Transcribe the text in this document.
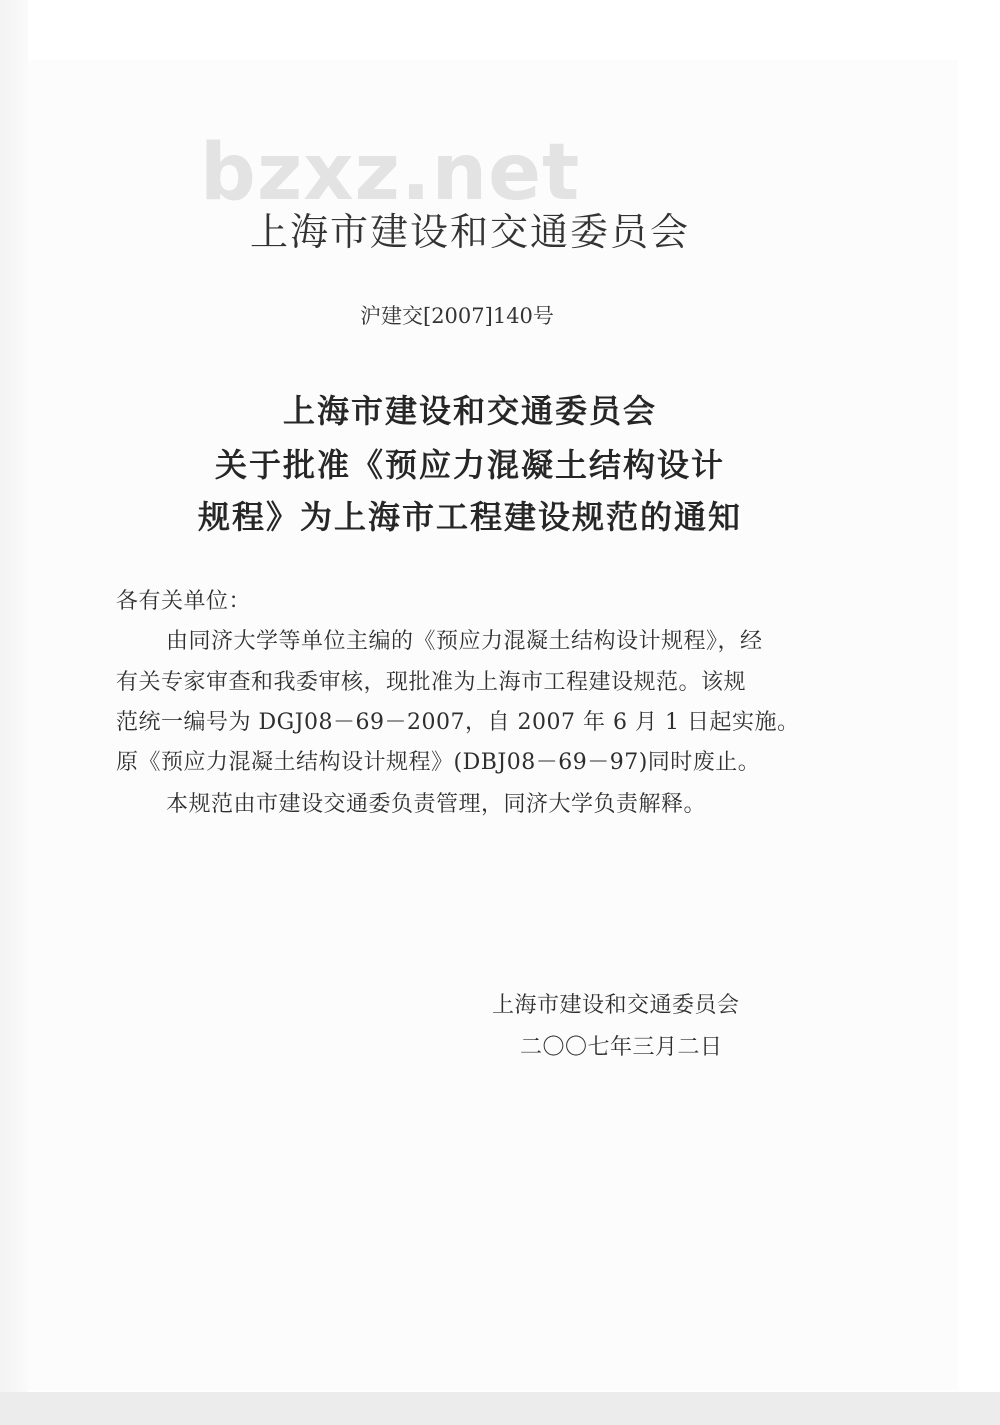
bzxz.net
上海市建设和交通委员会
沪建交[2007]140号
上海市建设和交通委员会
关于批准《预应力混凝土结构设计
规程》为上海市工程建设规范的通知
各有关单位：
由同济大学等单位主编的《预应力混凝土结构设计规程》，经
有关专家审查和我委审核，现批准为上海市工程建设规范。该规
范统一编号为 DGJ08－69－2007，自 2007 年 6 月 1 日起实施。
原《预应力混凝土结构设计规程》(DBJ08－69－97)同时废止。
本规范由市建设交通委负责管理，同济大学负责解释。
上海市建设和交通委员会
二〇〇七年三月二日
